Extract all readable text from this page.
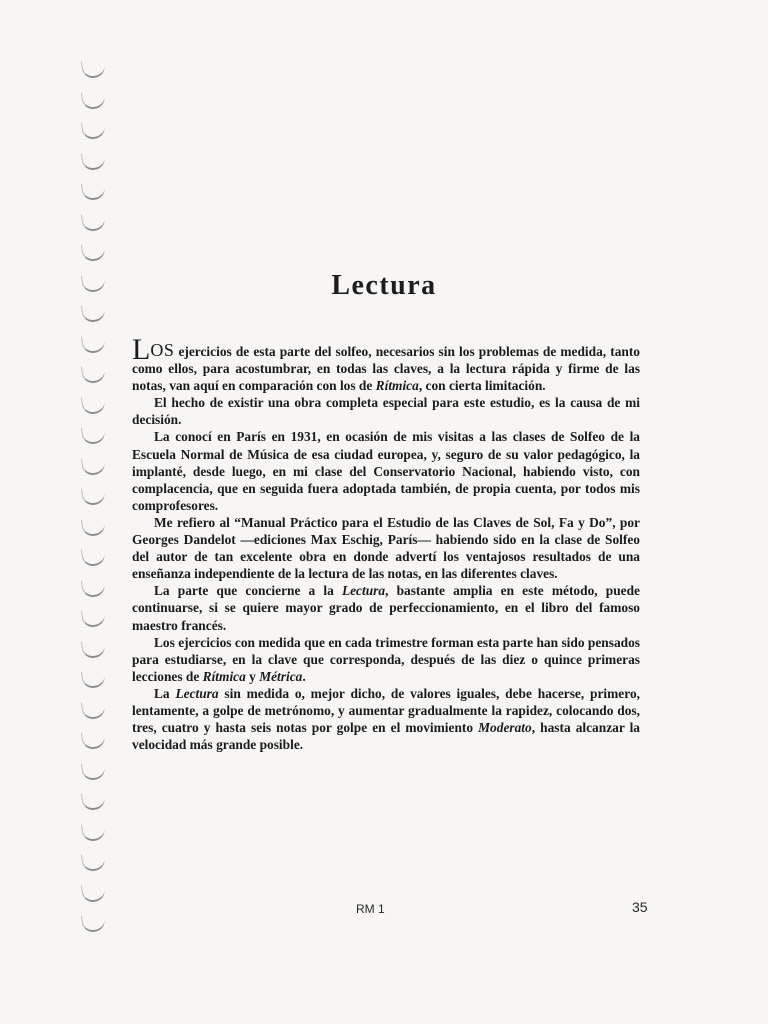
Lectura

LOS ejercicios de esta parte del solfeo, necesarios sin los problemas de medida, tanto como ellos, para acostumbrar, en todas las claves, a la lectura rápida y firme de las notas, van aquí en comparación con los de Rítmica, con cierta limitación.

El hecho de existir una obra completa especial para este estudio, es la causa de mi decisión.

La conocí en París en 1931, en ocasión de mis visitas a las clases de Solfeo de la Escuela Normal de Música de esa ciudad europea, y, seguro de su valor pedagógico, la implanté, desde luego, en mi clase del Conservatorio Nacional, habiendo visto, con complacencia, que en seguida fuera adoptada también, de propia cuenta, por todos mis comprofesores.

Me refiero al “Manual Práctico para el Estudio de las Claves de Sol, Fa y Do”, por Georges Dandelot —ediciones Max Eschig, París— habiendo sido en la clase de Solfeo del autor de tan excelente obra en donde advertí los ventajosos resultados de una enseñanza independiente de la lectura de las notas, en las diferentes claves.

La parte que concierne a la Lectura, bastante amplia en este método, puede continuarse, si se quiere mayor grado de perfeccionamiento, en el libro del famoso maestro francés.

Los ejercicios con medida que en cada trimestre forman esta parte han sido pensados para estudiarse, en la clave que corresponda, después de las diez o quince primeras lecciones de Rítmica y Métrica.

La Lectura sin medida o, mejor dicho, de valores iguales, debe hacerse, primero, lentamente, a golpe de metrónomo, y aumentar gradualmente la rapidez, colocando dos, tres, cuatro y hasta seis notas por golpe en el movimiento Moderato, hasta alcanzar la velocidad más grande posible.

RM 1	35
